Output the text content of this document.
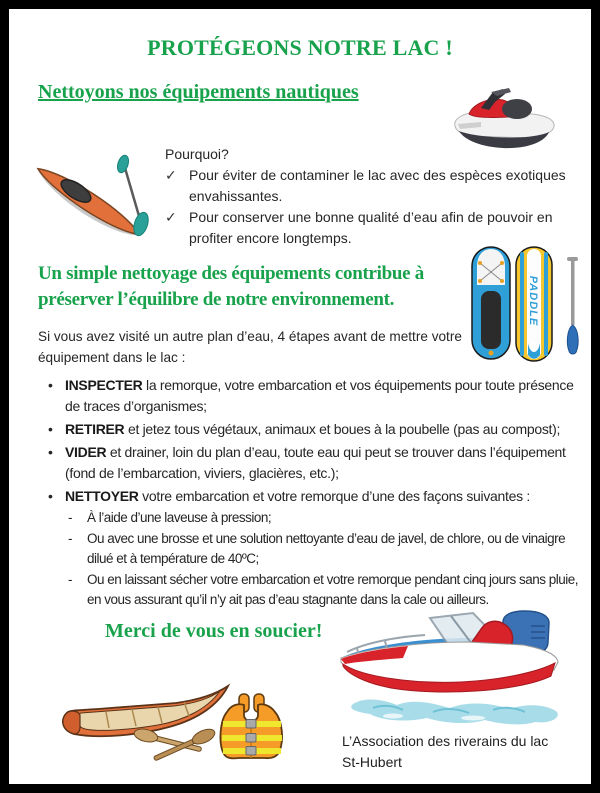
PROTÉGEONS NOTRE LAC !
Nettoyons nos équipements nautiques
Pourquoi?
✓ Pour éviter de contaminer le lac avec des espèces exotiques envahissantes.
✓ Pour conserver une bonne qualité d’eau afin de pouvoir en profiter encore longtemps.
Un simple nettoyage des équipements contribue à préserver l’équilibre de notre environnement.	PADDLE
Si vous avez visité un autre plan d’eau, 4 étapes avant de mettre votre équipement dans le lac :
• INSPECTER la remorque, votre embarcation et vos équipements pour toute présence de traces d’organismes;
• RETIRER et jetez tous végétaux, animaux et boues à la poubelle (pas au compost);
• VIDER et drainer, loin du plan d’eau, toute eau qui peut se trouver dans l’équipement (fond de l’embarcation, viviers, glacières, etc.);
• NETTOYER votre embarcation et votre remorque d’une des façons suivantes :
-	À l’aide d’une laveuse à pression;
-	Ou avec une brosse et une solution nettoyante d’eau de javel, de chlore, ou de vinaigre dilué et à température de 40ºC;
-	Ou en laissant sécher votre embarcation et votre remorque pendant cinq jours sans pluie, en vous assurant qu’il n’y ait pas d’eau stagnante dans la cale ou ailleurs.
Merci de vous en soucier!
MC4Y205
L’Association des riverains du lac
St-Hubert
